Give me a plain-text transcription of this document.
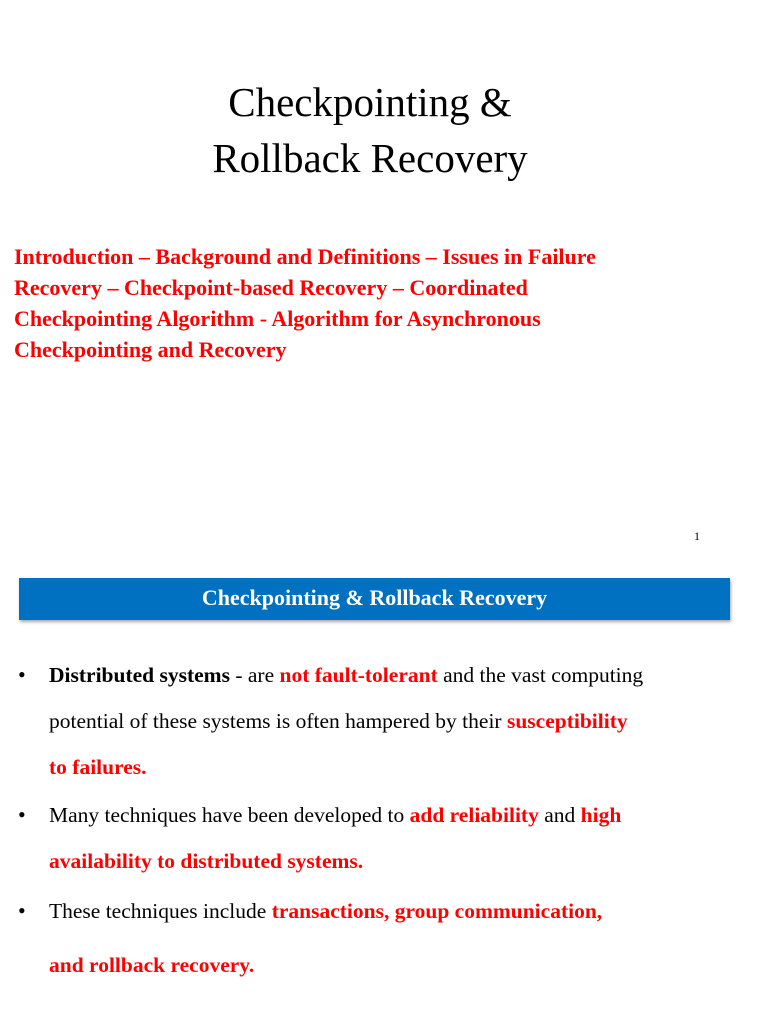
Checkpointing &
Rollback Recovery

Introduction – Background and Definitions – Issues in Failure
Recovery – Checkpoint-based Recovery – Coordinated
Checkpointing Algorithm - Algorithm for Asynchronous
Checkpointing and Recovery

1
Checkpointing & Rollback Recovery
• Distributed systems - are not fault-tolerant and the vast computing
potential of these systems is often hampered by their susceptibility
to failures.
• Many techniques have been developed to add reliability and high
availability to distributed systems.
• These techniques include transactions, group communication,
and rollback recovery.
